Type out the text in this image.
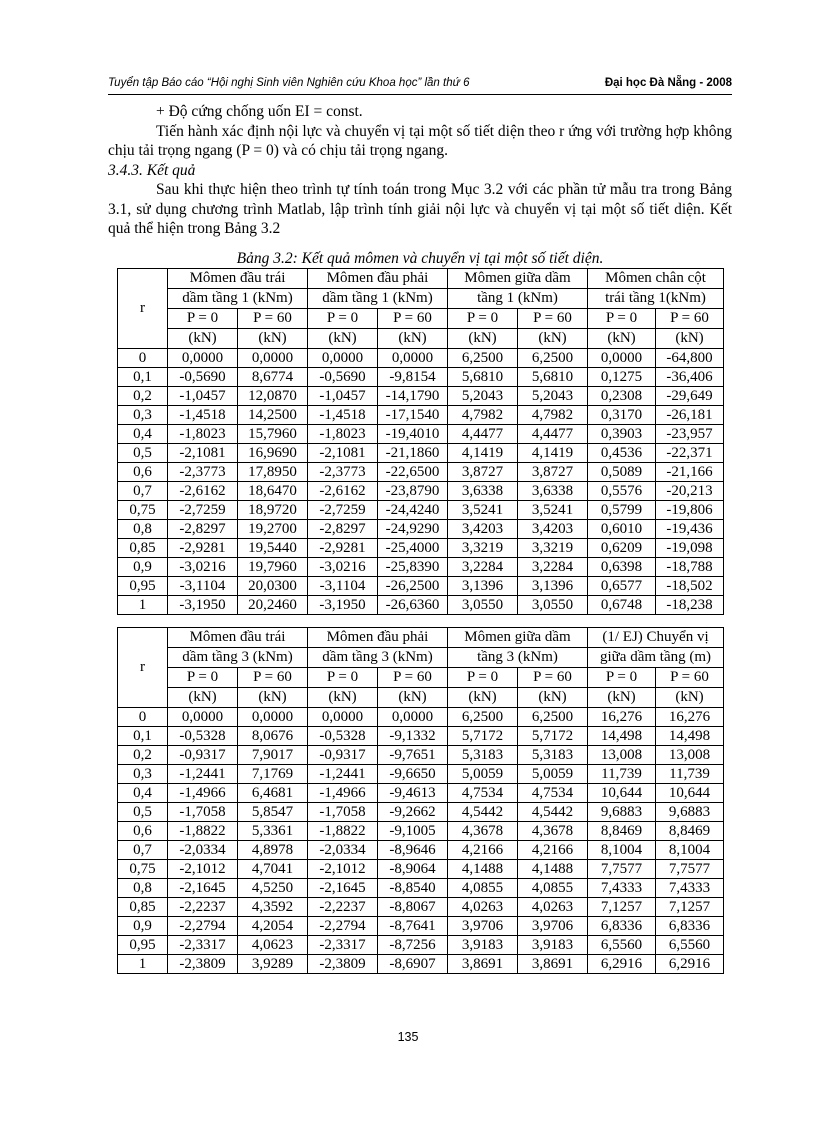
Tuyển tập Báo cáo “Hội nghị Sinh viên Nghiên cứu Khoa học” lần thứ 6	Đại học Đà Nẵng - 2008

+ Độ cứng chống uốn EI = const.

Tiến hành xác định nội lực và chuyển vị tại một số tiết diện theo r ứng với trường hợp không chịu tải trọng ngang (P = 0) và có chịu tải trọng ngang.

3.4.3. Kết quả

Sau khi thực hiện theo trình tự tính toán trong Mục 3.2 với các phần tử mẫu tra trong Bảng 3.1, sử dụng chương trình Matlab, lập trình tính giải nội lực và chuyển vị tại một số tiết diện. Kết quả thể hiện trong Bảng 3.2

Bảng 3.2: Kết quả mômen và chuyển vị tại một số tiết diện.
r	Mômen đầu trái		Mômen đầu phải		Mômen giữa dầm		Mômen chân cột	
	dầm tầng 1 (kNm)		dầm tầng 1 (kNm)		tầng 1 (kNm)		trái tầng 1(kNm)	
	P = 0	P = 60	P = 0	P = 60	P = 0	P = 60	P = 0	P = 60
	(kN)	(kN)	(kN)	(kN)	(kN)	(kN)	(kN)	(kN)
0	0,0000	0,0000	0,0000	0,0000	6,2500	6,2500	0,0000	-64,800
0,1	-0,5690	8,6774	-0,5690	-9,8154	5,6810	5,6810	0,1275	-36,406
0,2	-1,0457	12,0870	-1,0457	-14,1790	5,2043	5,2043	0,2308	-29,649
0,3	-1,4518	14,2500	-1,4518	-17,1540	4,7982	4,7982	0,3170	-26,181
0,4	-1,8023	15,7960	-1,8023	-19,4010	4,4477	4,4477	0,3903	-23,957
0,5	-2,1081	16,9690	-2,1081	-21,1860	4,1419	4,1419	0,4536	-22,371
0,6	-2,3773	17,8950	-2,3773	-22,6500	3,8727	3,8727	0,5089	-21,166
0,7	-2,6162	18,6470	-2,6162	-23,8790	3,6338	3,6338	0,5576	-20,213
0,75	-2,7259	18,9720	-2,7259	-24,4240	3,5241	3,5241	0,5799	-19,806
0,8	-2,8297	19,2700	-2,8297	-24,9290	3,4203	3,4203	0,6010	-19,436
0,85	-2,9281	19,5440	-2,9281	-25,4000	3,3219	3,3219	0,6209	-19,098
0,9	-3,0216	19,7960	-3,0216	-25,8390	3,2284	3,2284	0,6398	-18,788
0,95	-3,1104	20,0300	-3,1104	-26,2500	3,1396	3,1396	0,6577	-18,502
1	-3,1950	20,2460	-3,1950	-26,6360	3,0550	3,0550	0,6748	-18,238
r	Mômen đầu trái		Mômen đầu phải		Mômen giữa dầm		(1/ EJ) Chuyển vị	
	dầm tầng 3 (kNm)		dầm tầng 3 (kNm)		tầng 3 (kNm)		giữa dầm tầng (m)	
	P = 0	P = 60	P = 0	P = 60	P = 0	P = 60	P = 0	P = 60
	(kN)	(kN)	(kN)	(kN)	(kN)	(kN)	(kN)	(kN)
0	0,0000	0,0000	0,0000	0,0000	6,2500	6,2500	16,276	16,276
0,1	-0,5328	8,0676	-0,5328	-9,1332	5,7172	5,7172	14,498	14,498
0,2	-0,9317	7,9017	-0,9317	-9,7651	5,3183	5,3183	13,008	13,008
0,3	-1,2441	7,1769	-1,2441	-9,6650	5,0059	5,0059	11,739	11,739
0,4	-1,4966	6,4681	-1,4966	-9,4613	4,7534	4,7534	10,644	10,644
0,5	-1,7058	5,8547	-1,7058	-9,2662	4,5442	4,5442	9,6883	9,6883
0,6	-1,8822	5,3361	-1,8822	-9,1005	4,3678	4,3678	8,8469	8,8469
0,7	-2,0334	4,8978	-2,0334	-8,9646	4,2166	4,2166	8,1004	8,1004
0,75	-2,1012	4,7041	-2,1012	-8,9064	4,1488	4,1488	7,7577	7,7577
0,8	-2,1645	4,5250	-2,1645	-8,8540	4,0855	4,0855	7,4333	7,4333
0,85	-2,2237	4,3592	-2,2237	-8,8067	4,0263	4,0263	7,1257	7,1257
0,9	-2,2794	4,2054	-2,2794	-8,7641	3,9706	3,9706	6,8336	6,8336
0,95	-2,3317	4,0623	-2,3317	-8,7256	3,9183	3,9183	6,5560	6,5560
1	-2,3809	3,9289	-2,3809	-8,6907	3,8691	3,8691	6,2916	6,2916
135
